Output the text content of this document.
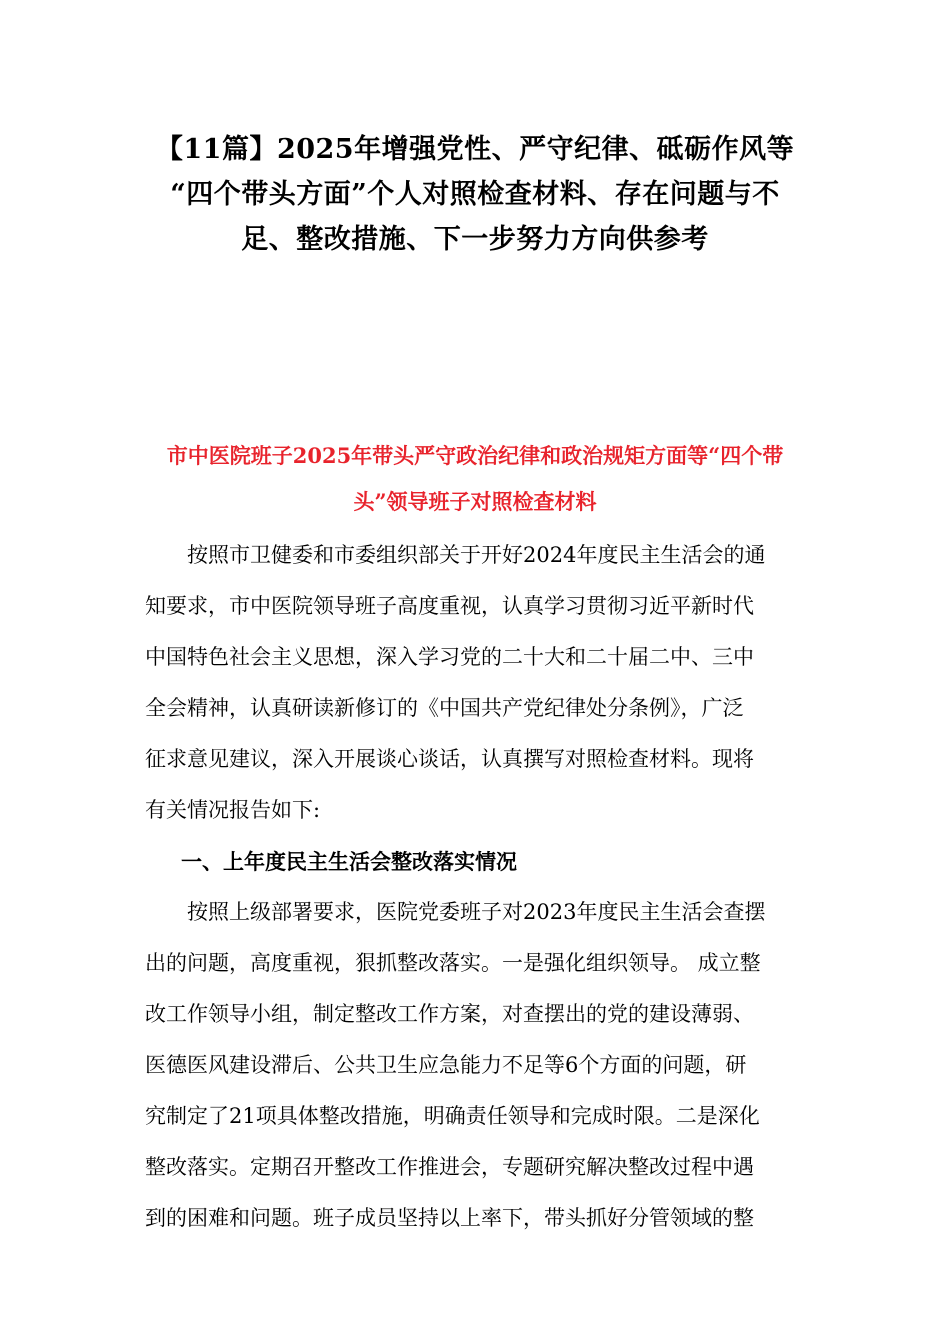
【11篇】2025年增强党性、严守纪律、砥砺作风等
“四个带头方面”个人对照检查材料、存在问题与不
足、整改措施、下一步努力方向供参考
市中医院班子2025年带头严守政治纪律和政治规矩方面等“四个带
头”领导班子对照检查材料

按照市卫健委和市委组织部关于开好2024年度民主生活会的通
知要求，市中医院领导班子高度重视，认真学习贯彻习近平新时代
中国特色社会主义思想，深入学习党的二十大和二十届二中、三中
全会精神，认真研读新修订的《中国共产党纪律处分条例》，广泛
征求意见建议，深入开展谈心谈话，认真撰写对照检查材料。现将
有关情况报告如下:

一、上年度民主生活会整改落实情况

按照上级部署要求，医院党委班子对2023年度民主生活会查摆
出的问题，高度重视，狠抓整改落实。一是强化组织领导。 成立整
改工作领导小组，制定整改工作方案，对查摆出的党的建设薄弱、
医德医风建设滞后、公共卫生应急能力不足等6个方面的问题，研
究制定了21项具体整改措施，明确责任领导和完成时限。二是深化
整改落实。定期召开整改工作推进会，专题研究解决整改过程中遇
到的困难和问题。班子成员坚持以上率下，带头抓好分管领域的整
